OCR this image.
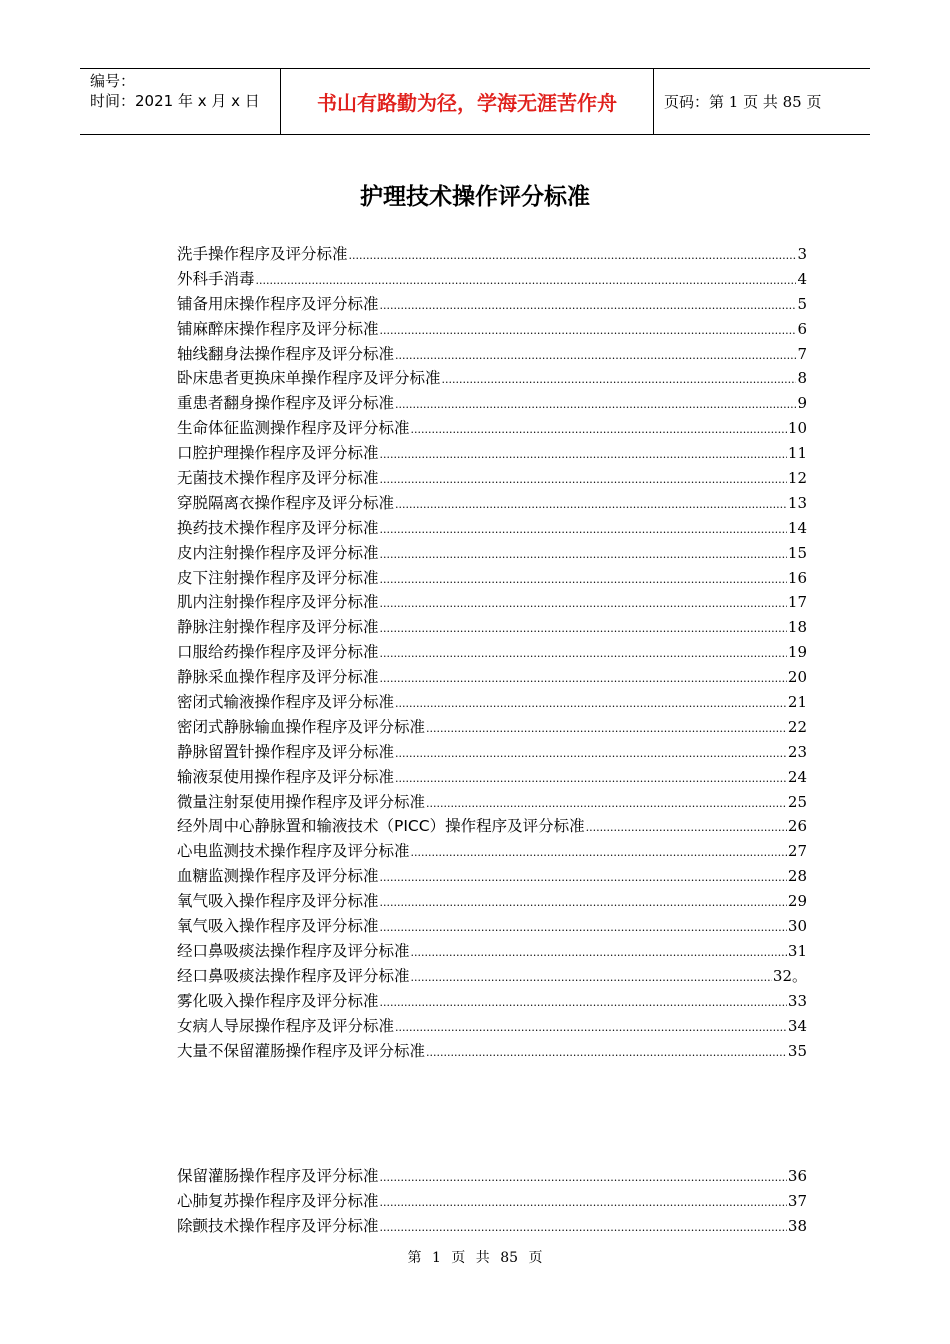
编号：
时间：2021 年 x 月 x 日	书山有路勤为径，学海无涯苦作舟	页码：第 1 页 共 85 页
护理技术操作评分标准
洗手操作程序及评分标准 .....	3
外科手消毒 .....	4
铺备用床操作程序及评分标准 .....	5
铺麻醉床操作程序及评分标准 .....	6
轴线翻身法操作程序及评分标准 .....	7
卧床患者更换床单操作程序及评分标准 .....	8
重患者翻身操作程序及评分标准 .....	9
生命体征监测操作程序及评分标准 .....	10
口腔护理操作程序及评分标准 .....	11
无菌技术操作程序及评分标准 .....	12
穿脱隔离衣操作程序及评分标准 .....	13
换药技术操作程序及评分标准 .....	14
皮内注射操作程序及评分标准 .....	15
皮下注射操作程序及评分标准 .....	16
肌内注射操作程序及评分标准 .....	17
静脉注射操作程序及评分标准 .....	18
口服给药操作程序及评分标准 .....	19
静脉采血操作程序及评分标准 .....	20
密闭式输液操作程序及评分标准 .....	21
密闭式静脉输血操作程序及评分标准 .....	22
静脉留置针操作程序及评分标准 .....	23
输液泵使用操作程序及评分标准 .....	24
微量注射泵使用操作程序及评分标准 .....	25
经外周中心静脉置和输液技术（PICC）操作程序及评分标准 .....	26
心电监测技术操作程序及评分标准 .....	27
血糖监测操作程序及评分标准 .....	28
氧气吸入操作程序及评分标准 .....	29
氧气吸入操作程序及评分标准 .....	30
经口鼻吸痰法操作程序及评分标准 .....	31
经口鼻吸痰法操作程序及评分标准 .....	32。
雾化吸入操作程序及评分标准 .....	33
女病人导尿操作程序及评分标准 .....	34
大量不保留灌肠操作程序及评分标准 .....	35
保留灌肠操作程序及评分标准 .....	36
心肺复苏操作程序及评分标准 .....	37
除颤技术操作程序及评分标准 .....	38
第 1 页 共 85 页
